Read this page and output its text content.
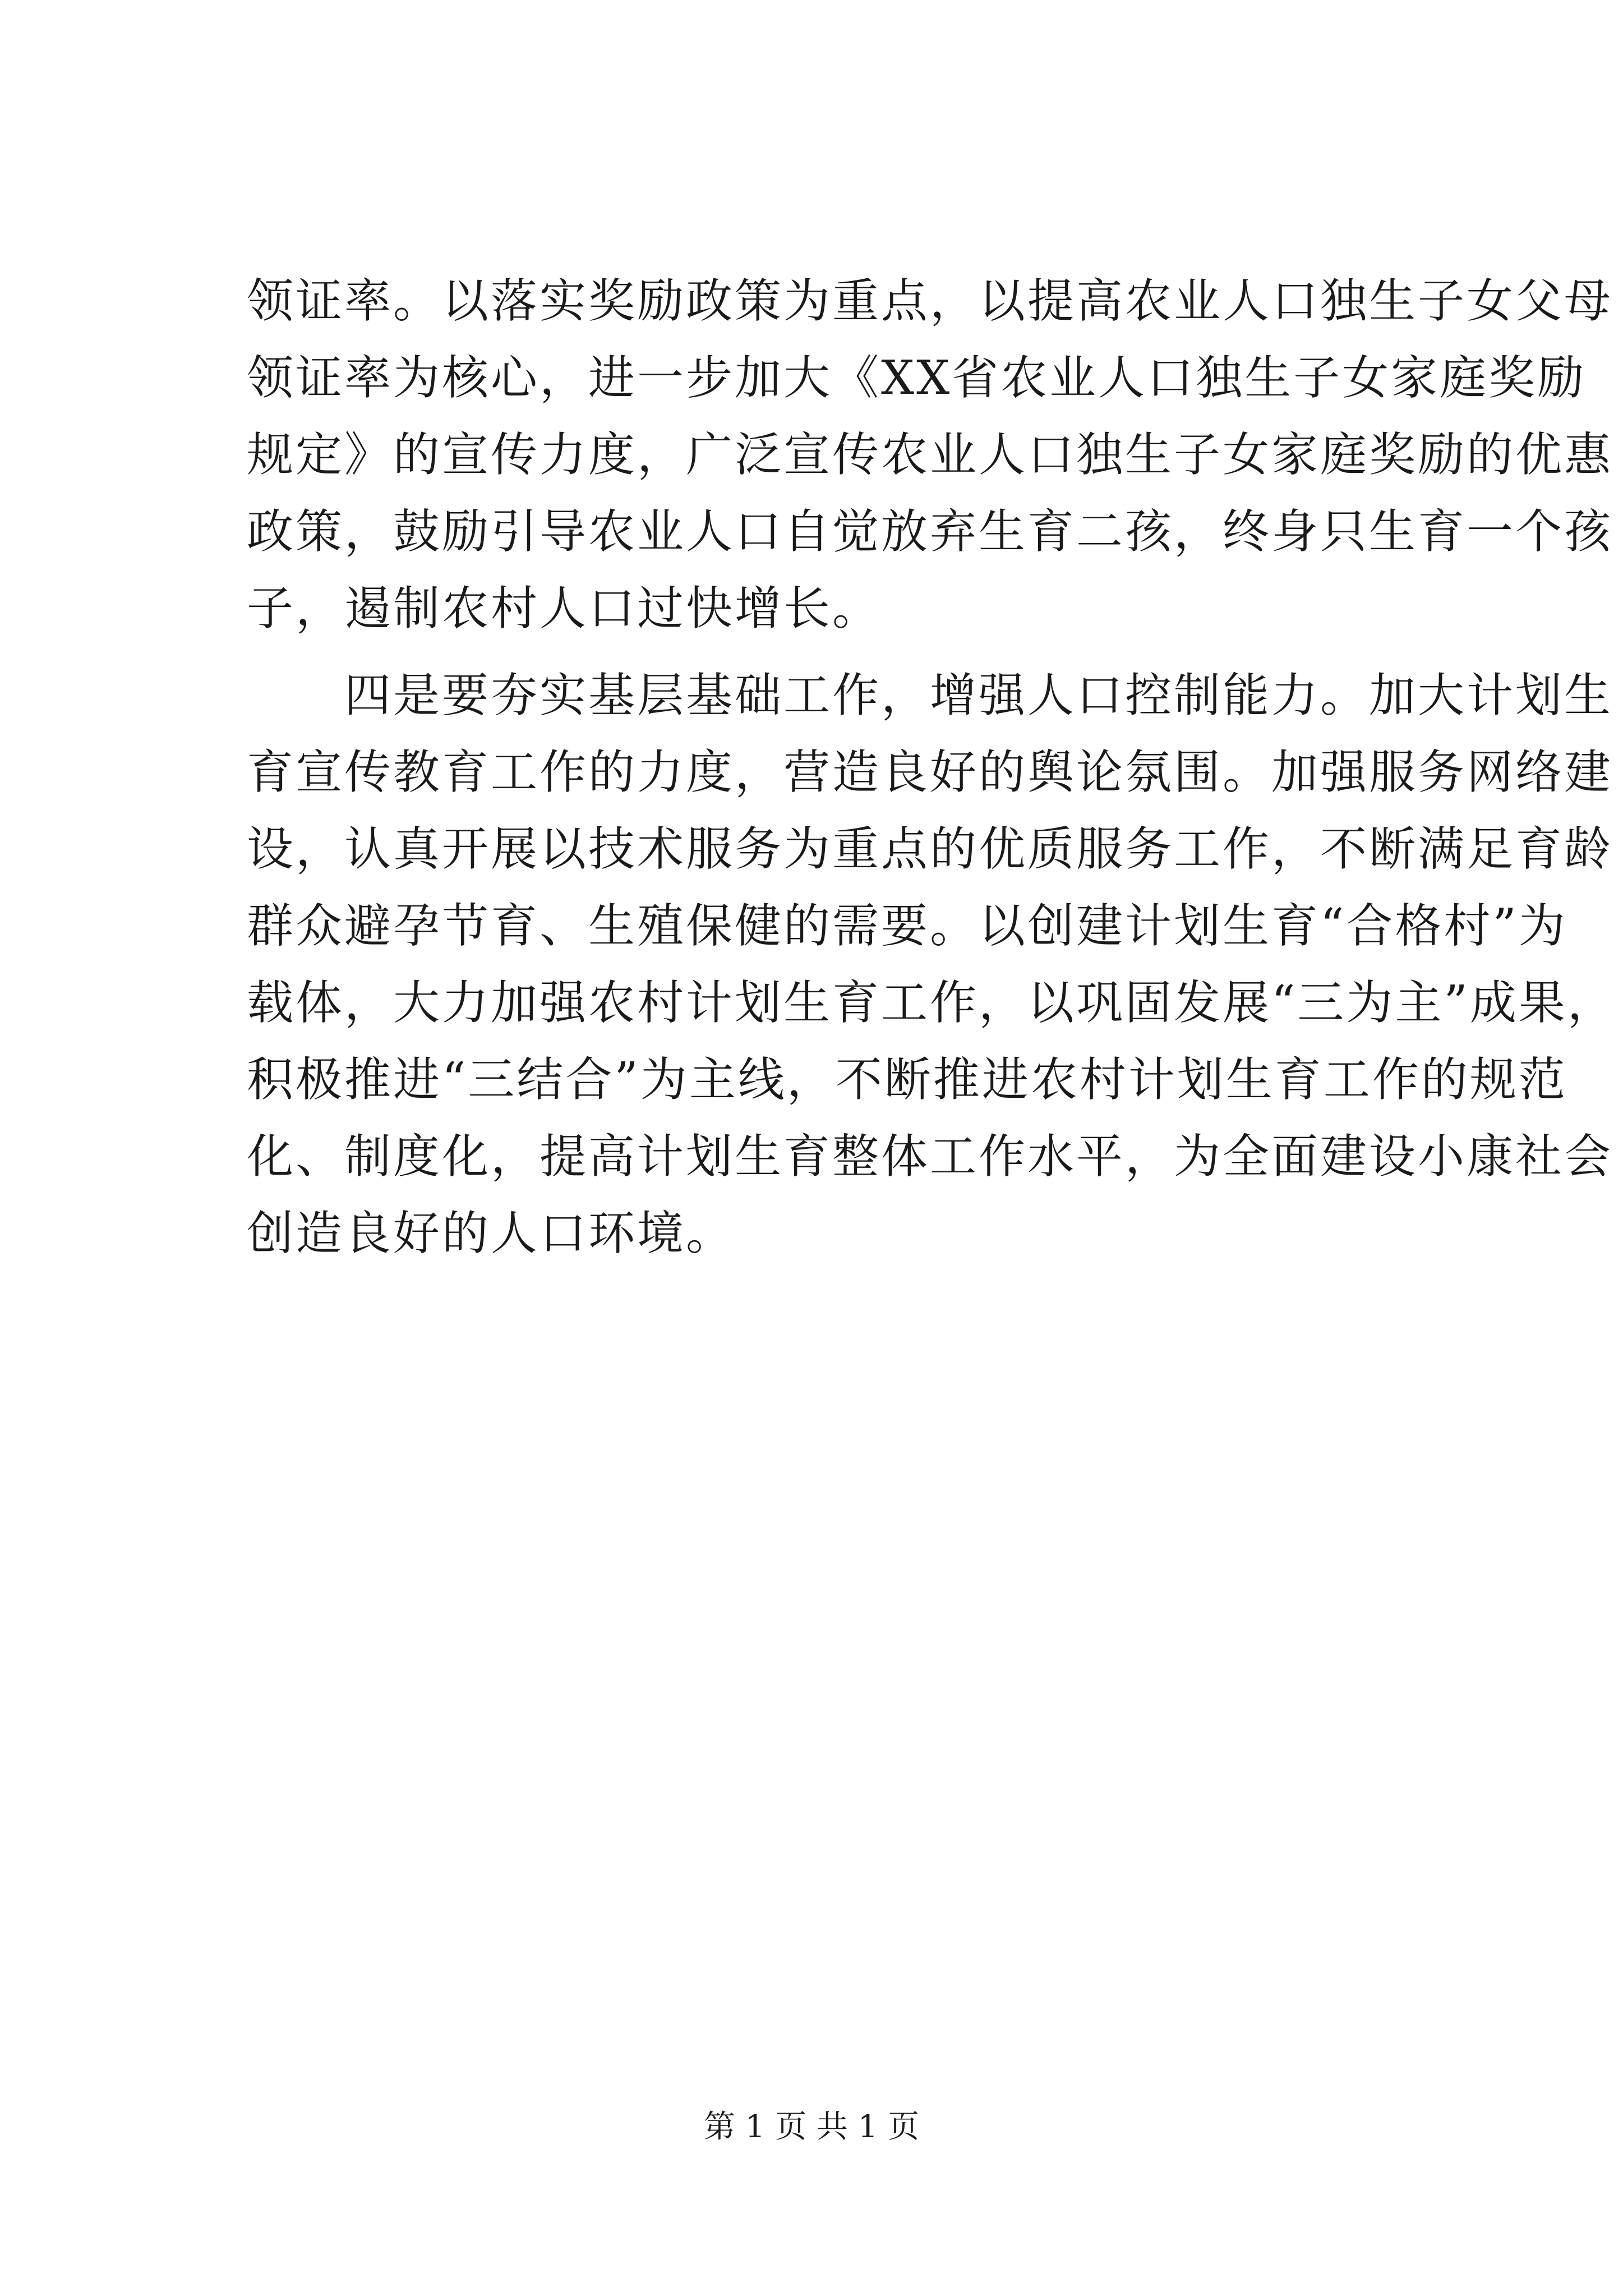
领证率。以落实奖励政策为重点，以提高农业人口独生子女父母
领证率为核心，进一步加大《XX省农业人口独生子女家庭奖励
规定》的宣传力度，广泛宣传农业人口独生子女家庭奖励的优惠
政策，鼓励引导农业人口自觉放弃生育二孩，终身只生育一个孩
子，遏制农村人口过快增长。
　　四是要夯实基层基础工作，增强人口控制能力。加大计划生
育宣传教育工作的力度，营造良好的舆论氛围。加强服务网络建
设，认真开展以技术服务为重点的优质服务工作，不断满足育龄
群众避孕节育、生殖保健的需要。以创建计划生育“合格村”为
载体，大力加强农村计划生育工作，以巩固发展“三为主”成果，
积极推进“三结合”为主线，不断推进农村计划生育工作的规范
化、制度化，提高计划生育整体工作水平，为全面建设小康社会
创造良好的人口环境。
第 1 页 共 1 页
